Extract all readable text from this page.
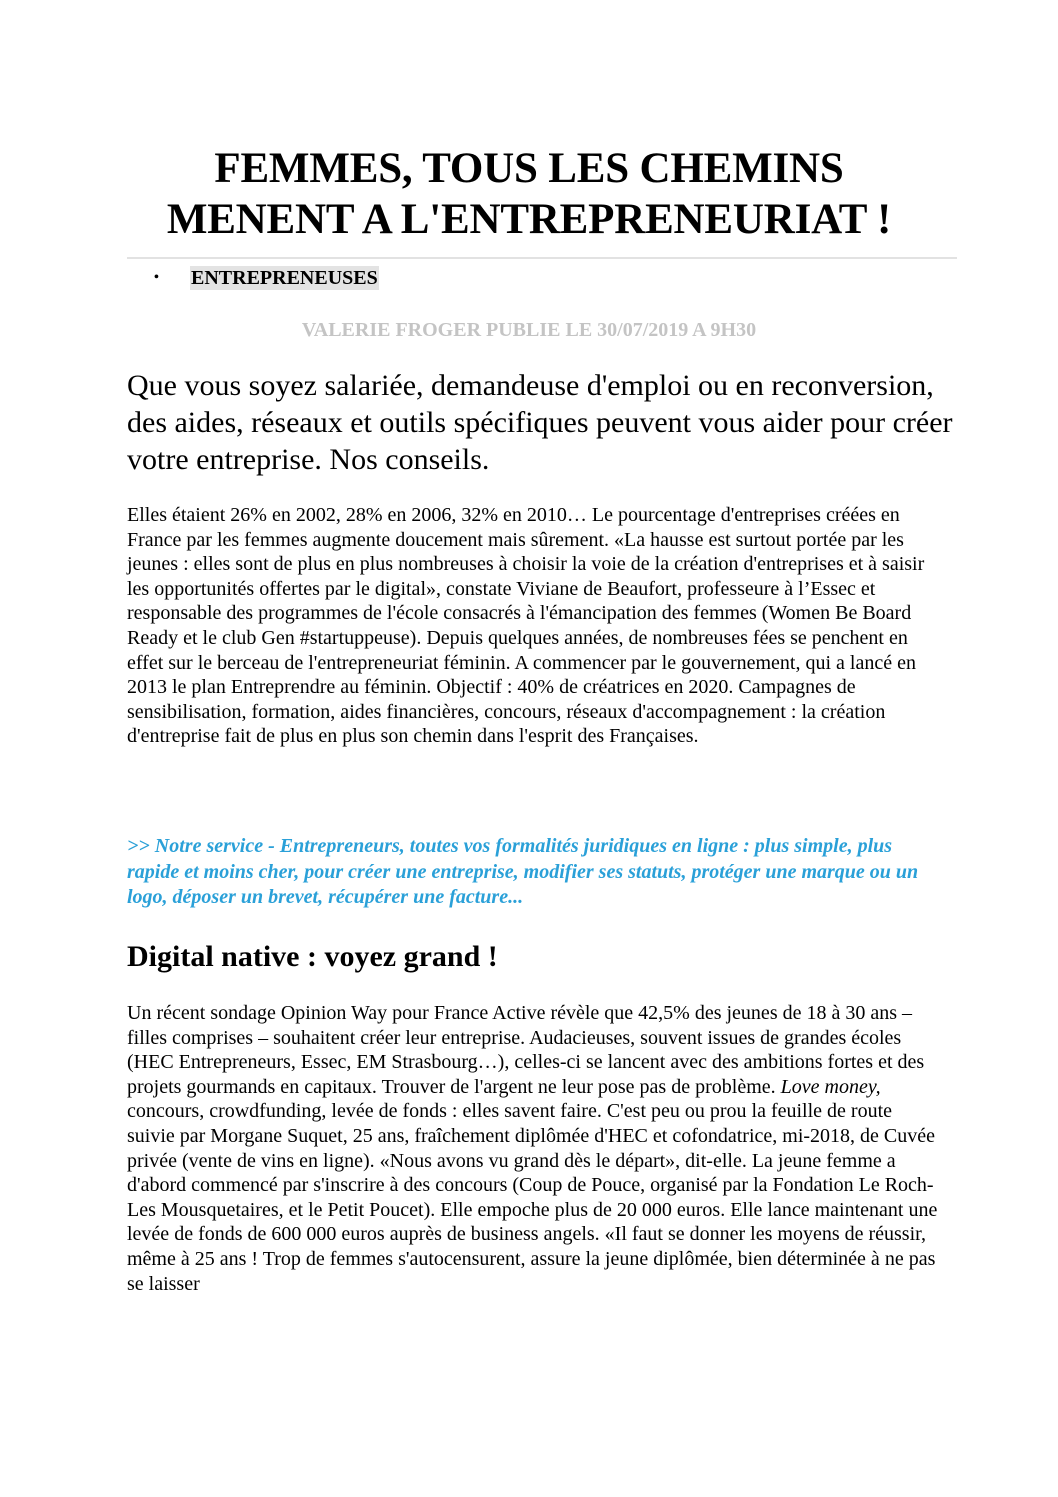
FEMMES, TOUS LES CHEMINS
MENENT A L'ENTREPRENEURIAT !
• ENTREPRENEUSES

VALERIE FROGER PUBLIE LE 30/07/2019 A 9H30

Que vous soyez salariée, demandeuse d'emploi ou en reconversion, des aides, réseaux et outils spécifiques peuvent vous aider pour créer votre entreprise. Nos conseils.

Elles étaient 26% en 2002, 28% en 2006, 32% en 2010… Le pourcentage d'entreprises créées en France par les femmes augmente doucement mais sûrement. «La hausse est surtout portée par les jeunes : elles sont de plus en plus nombreuses à choisir la voie de la création d'entreprises et à saisir les opportunités offertes par le digital», constate Viviane de Beaufort, professeure à l’Essec et responsable des programmes de l'école consacrés à l'émancipation des femmes (Women Be Board Ready et le club Gen #startuppeuse). Depuis quelques années, de nombreuses fées se penchent en effet sur le berceau de l'entrepreneuriat féminin. A commencer par le gouvernement, qui a lancé en 2013 le plan Entreprendre au féminin. Objectif : 40% de créatrices en 2020. Campagnes de sensibilisation, formation, aides financières, concours, réseaux d'accompagnement : la création d'entreprise fait de plus en plus son chemin dans l'esprit des Françaises.

>> Notre service - Entrepreneurs, toutes vos formalités juridiques en ligne : plus simple, plus rapide et moins cher, pour créer une entreprise, modifier ses statuts, protéger une marque ou un logo, déposer un brevet, récupérer une facture...

Digital native : voyez grand !

Un récent sondage Opinion Way pour France Active révèle que 42,5% des jeunes de 18 à 30 ans – filles comprises – souhaitent créer leur entreprise. Audacieuses, souvent issues de grandes écoles (HEC Entrepreneurs, Essec, EM Strasbourg…), celles-ci se lancent avec des ambitions fortes et des projets gourmands en capitaux. Trouver de l'argent ne leur pose pas de problème. Love money, concours, crowdfunding, levée de fonds : elles savent faire. C'est peu ou prou la feuille de route suivie par Morgane Suquet, 25 ans, fraîchement diplômée d'HEC et cofondatrice, mi-2018, de Cuvée privée (vente de vins en ligne). «Nous avons vu grand dès le départ», dit-elle. La jeune femme a d'abord commencé par s'inscrire à des concours (Coup de Pouce, organisé par la Fondation Le Roch-Les Mousquetaires, et le Petit Poucet). Elle empoche plus de 20 000 euros. Elle lance maintenant une levée de fonds de 600 000 euros auprès de business angels. «Il faut se donner les moyens de réussir, même à 25 ans ! Trop de femmes s'autocensurent, assure la jeune diplômée, bien déterminée à ne pas se laisser
